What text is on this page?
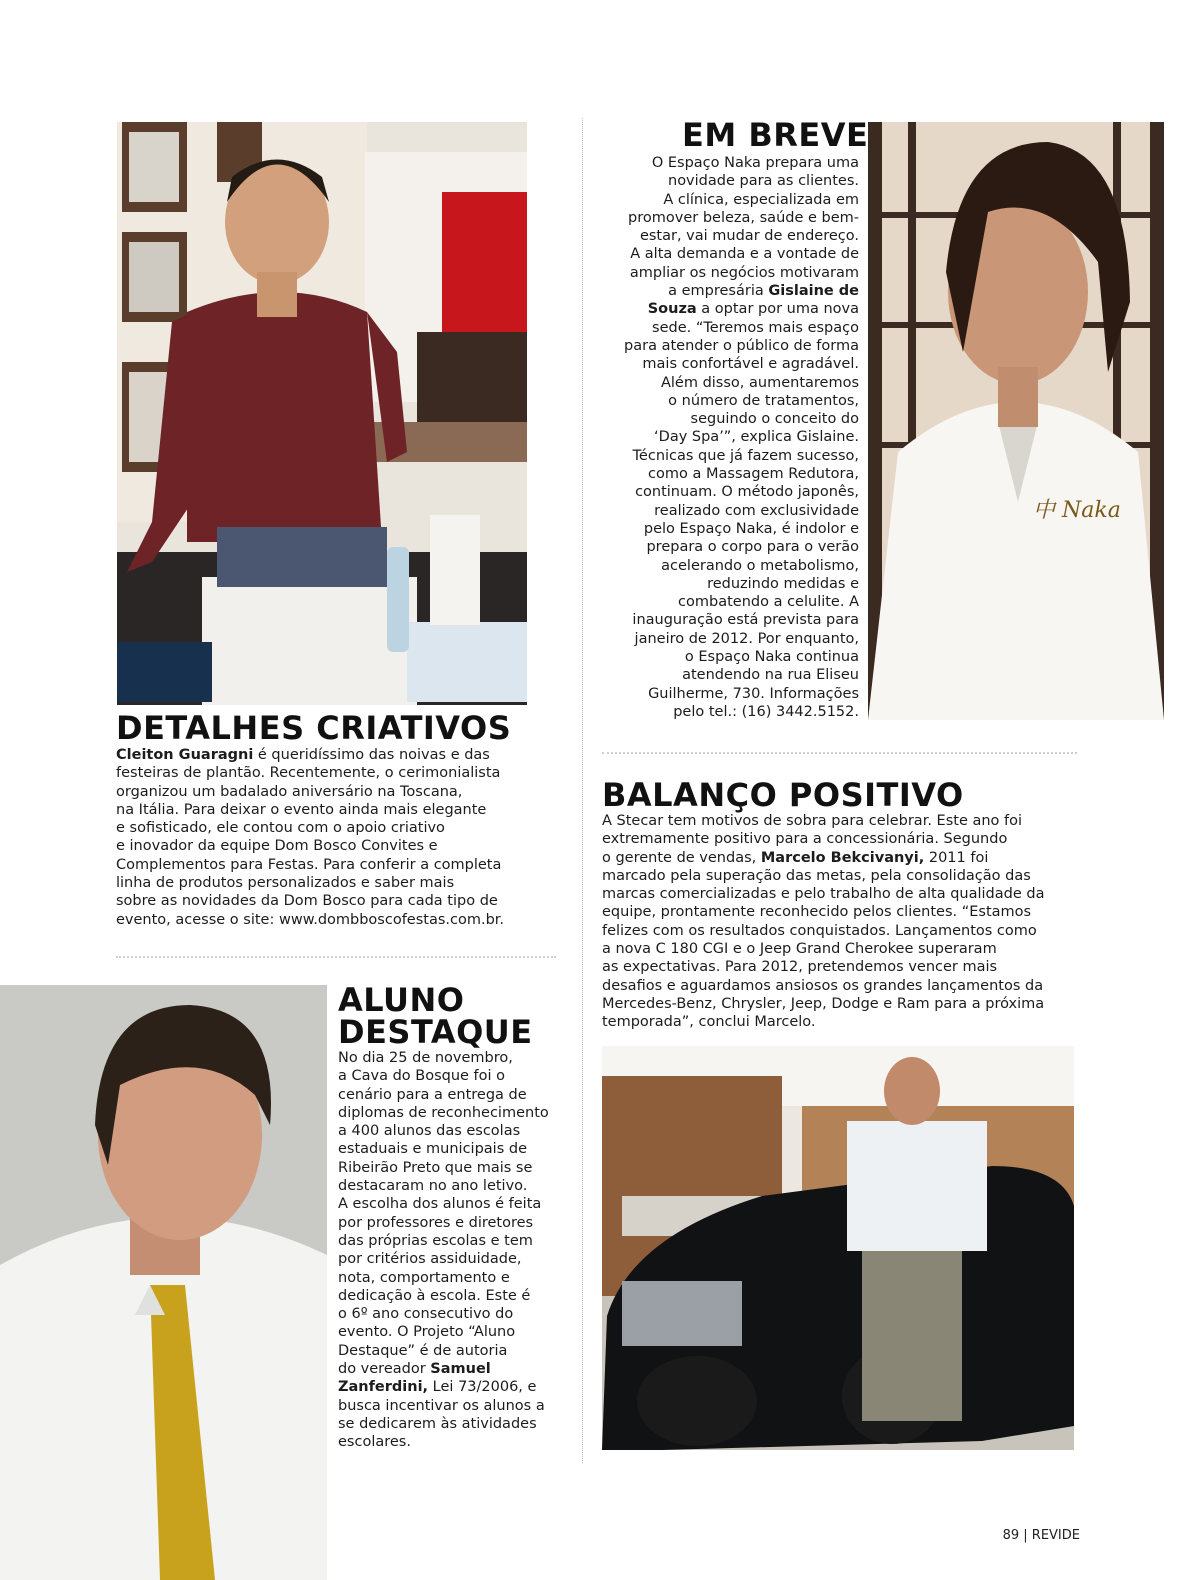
中 Naka
DETALHES CRIATIVOS
EM BREVE
BALANÇO POSITIVO
ALUNO
DESTAQUE
Cleiton Guaragni é queridíssimo das noivas e das
festeiras de plantão. Recentemente, o cerimonialista
organizou um badalado aniversário na Toscana,
na Itália. Para deixar o evento ainda mais elegante
e sofisticado, ele contou com o apoio criativo
e inovador da equipe Dom Bosco Convites e
Complementos para Festas. Para conferir a completa
linha de produtos personalizados e saber mais
sobre as novidades da Dom Bosco para cada tipo de
evento, acesse o site: www.dombboscofestas.com.br.
O Espaço Naka prepara uma
novidade para as clientes.
A clínica, especializada em
promover beleza, saúde e bem-
estar, vai mudar de endereço.
A alta demanda e a vontade de
ampliar os negócios motivaram
a empresária Gislaine de
Souza a optar por uma nova
sede. “Teremos mais espaço
para atender o público de forma
mais confortável e agradável.
Além disso, aumentaremos
o número de tratamentos,
seguindo o conceito do
‘Day Spa’”, explica Gislaine.
Técnicas que já fazem sucesso,
como a Massagem Redutora,
continuam. O método japonês,
realizado com exclusividade
pelo Espaço Naka, é indolor e
prepara o corpo para o verão
acelerando o metabolismo,
reduzindo medidas e
combatendo a celulite. A
inauguração está prevista para
janeiro de 2012. Por enquanto,
o Espaço Naka continua
atendendo na rua Eliseu
Guilherme, 730. Informações
pelo tel.: (16) 3442.5152.
A Stecar tem motivos de sobra para celebrar. Este ano foi
extremamente positivo para a concessionária. Segundo
o gerente de vendas, Marcelo Bekcivanyi, 2011 foi
marcado pela superação das metas, pela consolidação das
marcas comercializadas e pelo trabalho de alta qualidade da
equipe, prontamente reconhecido pelos clientes. “Estamos
felizes com os resultados conquistados. Lançamentos como
a nova C 180 CGI e o Jeep Grand Cherokee superaram
as expectativas. Para 2012, pretendemos vencer mais
desafios e aguardamos ansiosos os grandes lançamentos da
Mercedes-Benz, Chrysler, Jeep, Dodge e Ram para a próxima
temporada”, conclui Marcelo.
No dia 25 de novembro,
a Cava do Bosque foi o
cenário para a entrega de
diplomas de reconhecimento
a 400 alunos das escolas
estaduais e municipais de
Ribeirão Preto que mais se
destacaram no ano letivo.
A escolha dos alunos é feita
por professores e diretores
das próprias escolas e tem
por critérios assiduidade,
nota, comportamento e
dedicação à escola. Este é
o 6º ano consecutivo do
evento. O Projeto “Aluno
Destaque” é de autoria
do vereador Samuel
Zanferdini, Lei 73/2006, e
busca incentivar os alunos a
se dedicarem às atividades
escolares.
89 | REVIDE
